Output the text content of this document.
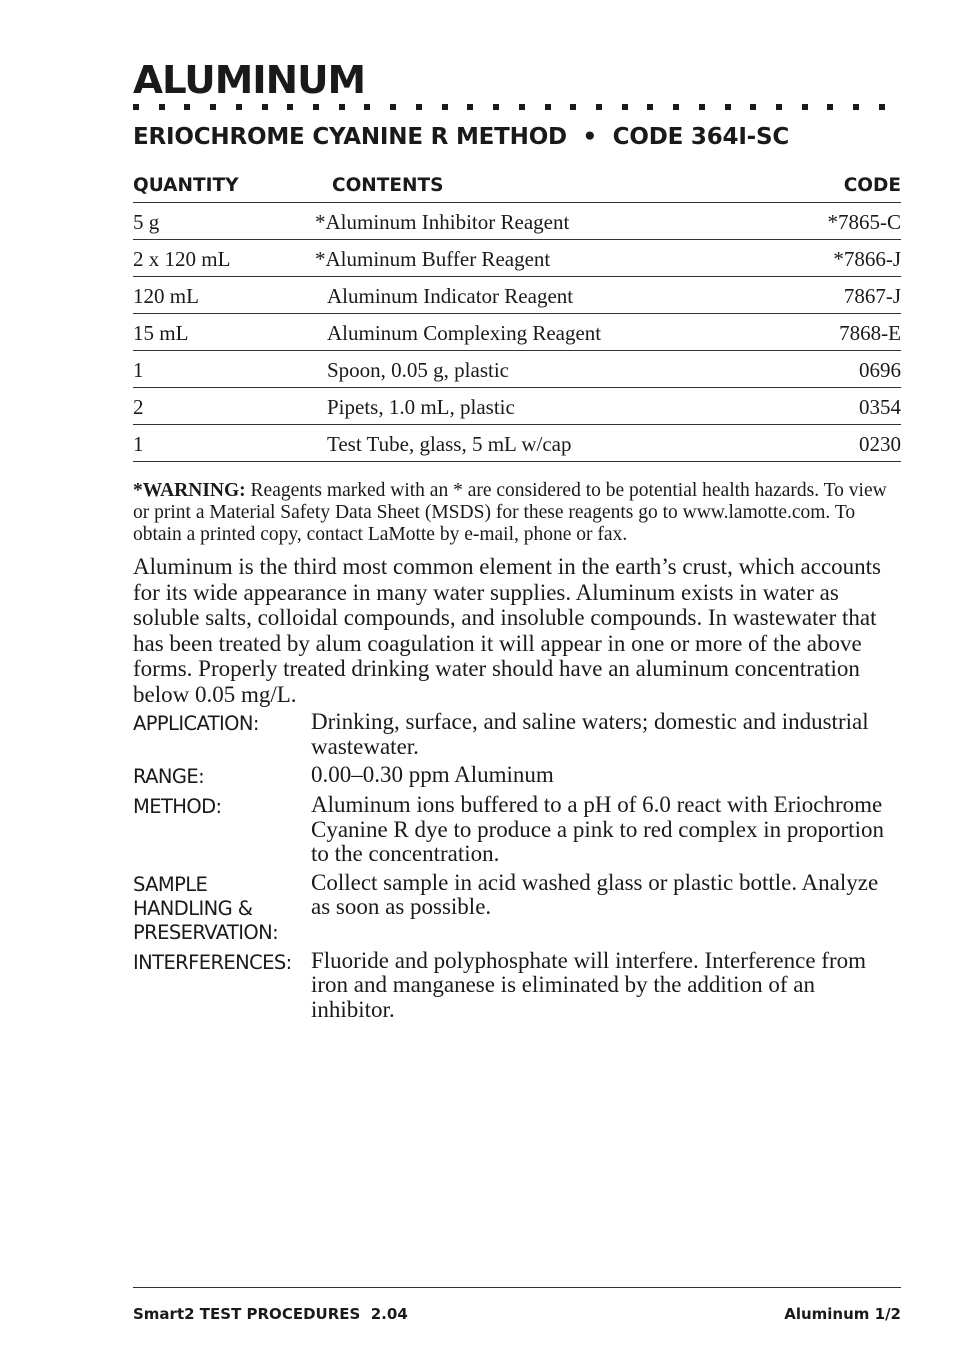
ALUMINUM
ERIOCHROME CYANINE R METHOD  •  CODE 364I-SC
QUANTITY	CONTENTS	CODE
5 g	*Aluminum Inhibitor Reagent	*7865-C
2 x 120 mL	*Aluminum Buffer Reagent	*7866-J
120 mL	Aluminum Indicator Reagent	7867-J
15 mL	Aluminum Complexing Reagent	7868-E
1	Spoon, 0.05 g, plastic	0696
2	Pipets, 1.0 mL, plastic	0354
1	Test Tube, glass, 5 mL w/cap	0230
*WARNING: Reagents marked with an * are considered to be potential health hazards. To view or print a Material Safety Data Sheet (MSDS) for these reagents go to www.lamotte.com. To obtain a printed copy, contact LaMotte by e-mail, phone or fax.
Aluminum is the third most common element in the earth’s crust, which accounts for its wide appearance in many water supplies. Aluminum exists in water as soluble salts, colloidal compounds, and insoluble compounds. In wastewater that has been treated by alum coagulation it will appear in one or more of the above forms. Properly treated drinking water should have an aluminum concentration below 0.05 mg/L.
APPLICATION:	Drinking, surface, and saline waters; domestic and industrial wastewater.
RANGE:	0.00–0.30 ppm Aluminum
METHOD:	Aluminum ions buffered to a pH of 6.0 react with Eriochrome Cyanine R dye to produce a pink to red complex in proportion to the concentration.
SAMPLE
HANDLING &
PRESERVATION:
Collect sample in acid washed glass or plastic bottle. Analyze as soon as possible.
INTERFERENCES: Fluoride and polyphosphate will interfere. Interference from iron and manganese is eliminated by the addition of an inhibitor.
Smart2 TEST PROCEDURES  2.04	Aluminum 1/2
